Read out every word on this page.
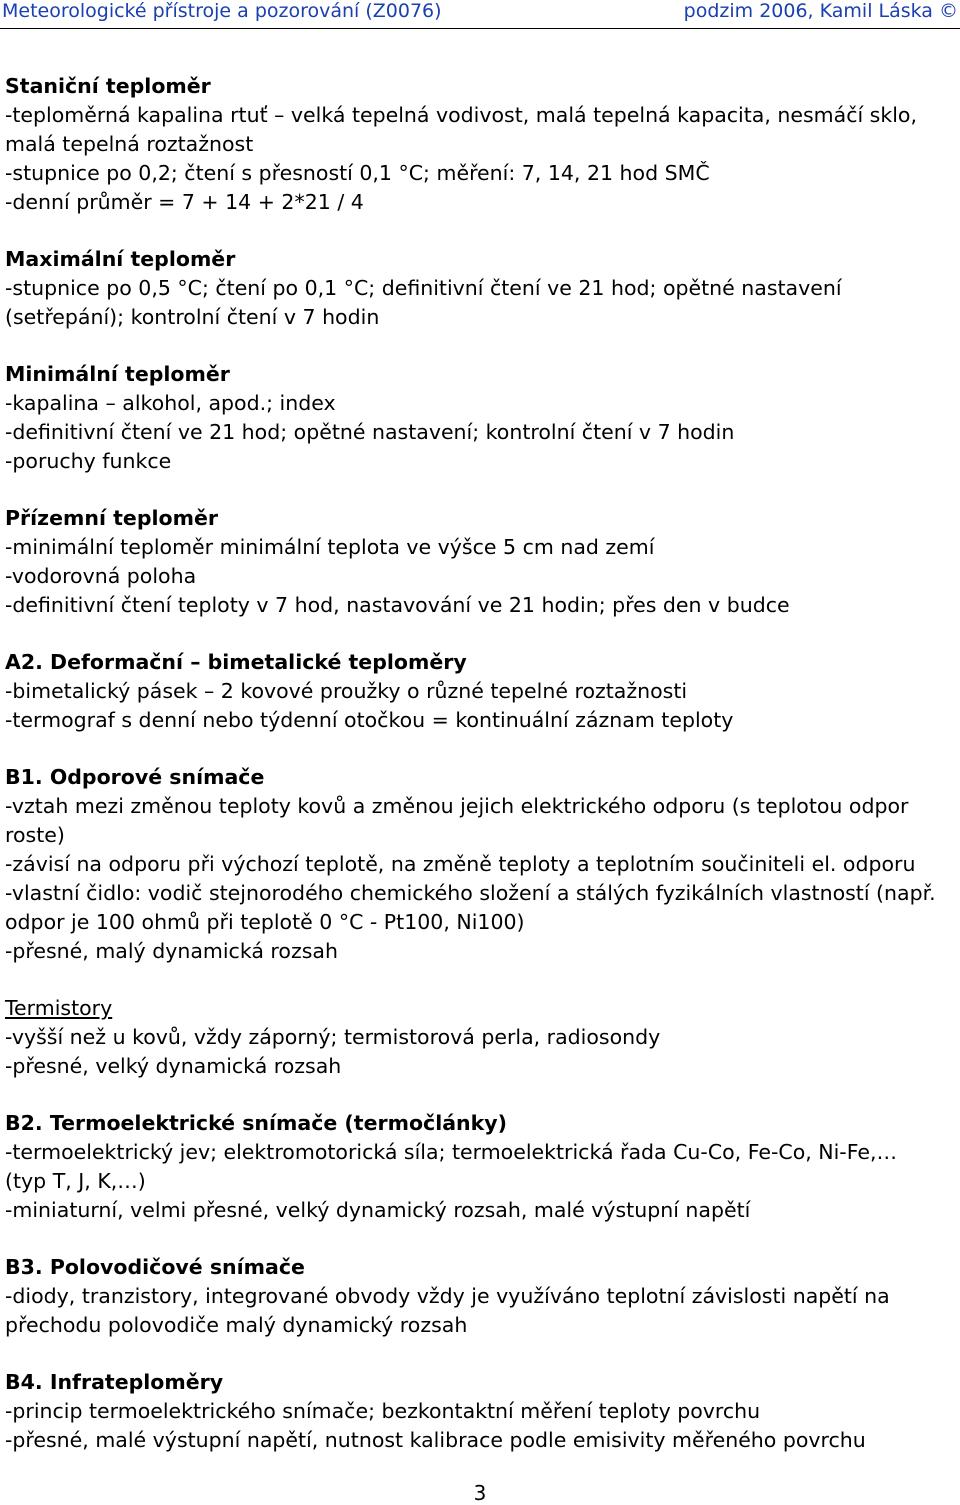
Meteorologické přístroje a pozorování (Z0076)	podzim 2006, Kamil Láska ©
Staniční teploměr
-teploměrná kapalina rtuť – velká tepelná vodivost, malá tepelná kapacita, nesmáčí sklo,
malá tepelná roztažnost
-stupnice po 0,2; čtení s přesností 0,1 °C; měření: 7, 14, 21 hod SMČ
-denní průměr = 7 + 14 + 2*21 / 4
Maximální teploměr
-stupnice po 0,5 °C; čtení po 0,1 °C; definitivní čtení ve 21 hod; opětné nastavení
(setřepání); kontrolní čtení v 7 hodin
Minimální teploměr
-kapalina – alkohol, apod.; index
-definitivní čtení ve 21 hod; opětné nastavení; kontrolní čtení v 7 hodin
-poruchy funkce
Přízemní teploměr
-minimální teploměr minimální teplota ve výšce 5 cm nad zemí
-vodorovná poloha
-definitivní čtení teploty v 7 hod, nastavování ve 21 hodin; přes den v budce
A2. Deformační – bimetalické teploměry
-bimetalický pásek – 2 kovové proužky o různé tepelné roztažnosti
-termograf s denní nebo týdenní otočkou = kontinuální záznam teploty
B1. Odporové snímače
-vztah mezi změnou teploty kovů a změnou jejich elektrického odporu (s teplotou odpor
roste)
-závisí na odporu při výchozí teplotě, na změně teploty a teplotním součiniteli el. odporu
-vlastní čidlo: vodič stejnorodého chemického složení a stálých fyzikálních vlastností (např.
odpor je 100 ohmů při teplotě 0 °C - Pt100, Ni100)
-přesné, malý dynamická rozsah
Termistory
-vyšší než u kovů, vždy záporný; termistorová perla, radiosondy
-přesné, velký dynamická rozsah
B2. Termoelektrické snímače (termočlánky)
-termoelektrický jev; elektromotorická síla; termoelektrická řada Cu-Co, Fe-Co, Ni-Fe,…
(typ T, J, K,…)
-miniaturní, velmi přesné, velký dynamický rozsah, malé výstupní napětí
B3. Polovodičové snímače
-diody, tranzistory, integrované obvody vždy je využíváno teplotní závislosti napětí na
přechodu polovodiče malý dynamický rozsah
B4. Infrateploměry
-princip termoelektrického snímače; bezkontaktní měření teploty povrchu
-přesné, malé výstupní napětí, nutnost kalibrace podle emisivity měřeného povrchu
3
